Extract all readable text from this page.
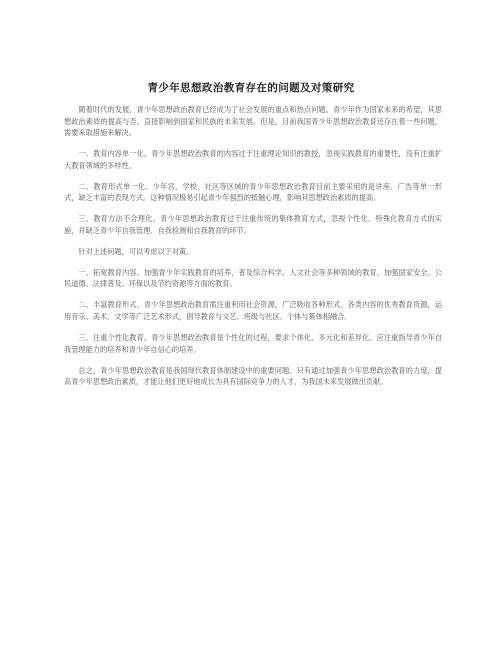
青少年思想政治教育存在的问题及对策研究

随着时代的发展，青少年思想政治教育已经成为了社会发展的重点和热点问题。青少年作为国家未来的希望，其思想政治素质的提高与否，直接影响到国家和民族的未来发展。但是，目前我国青少年思想政治教育还存在着一些问题，需要采取措施来解决。

一、教育内容单一化。青少年思想政治教育的内容过于注重理论知识的教授，忽视实践教育的重要性，没有注重扩大教育领域的多样性。

二、教育形式单一化。少年宫、学校、社区等区域的青少年思想政治教育目前主要采用的是讲座、广告等单一形式，缺乏丰富的表现方式。这种情况极易引起青少年强烈的抵触心理，影响其思想政治素质的提高。

三、教育方法不合理化。青少年思想政治教育过于注重传统的集体教育方式，忽视个性化、特殊化教育方式的实施，并缺乏青少年自我管理、自我检测和自我教育的环节。

针对上述问题，可以考虑以下对策。

一、拓宽教育内容。加强青少年实践教育的培养，普及综合科学、人文社会等多种领域的教育。加强国家安全、公民道德、法律普及、环保以及节约资源等方面的教育。

二、丰富教育形式。青少年思想政治教育需注重利用社会资源，广泛吸收各种形式、各类内容的优秀教育资源，运用音乐、美术、文学等广泛艺术形式，倡导教育与文艺、班级与社区、个体与集体相融合。

三、注重个性化教育。青少年思想政治教育是个性化的过程，要求个体化、多元化和差异化。应注重指导青少年自我管理能力的培养和青少年自信心的培养。

总之，青少年思想政治教育是我国现代教育体制建设中的重要问题。只有通过加强青少年思想政治教育的力度，提高青少年思想政治素质，才能让他们更好地成长为具有国际竞争力的人才，为我国未来发展做出贡献。
